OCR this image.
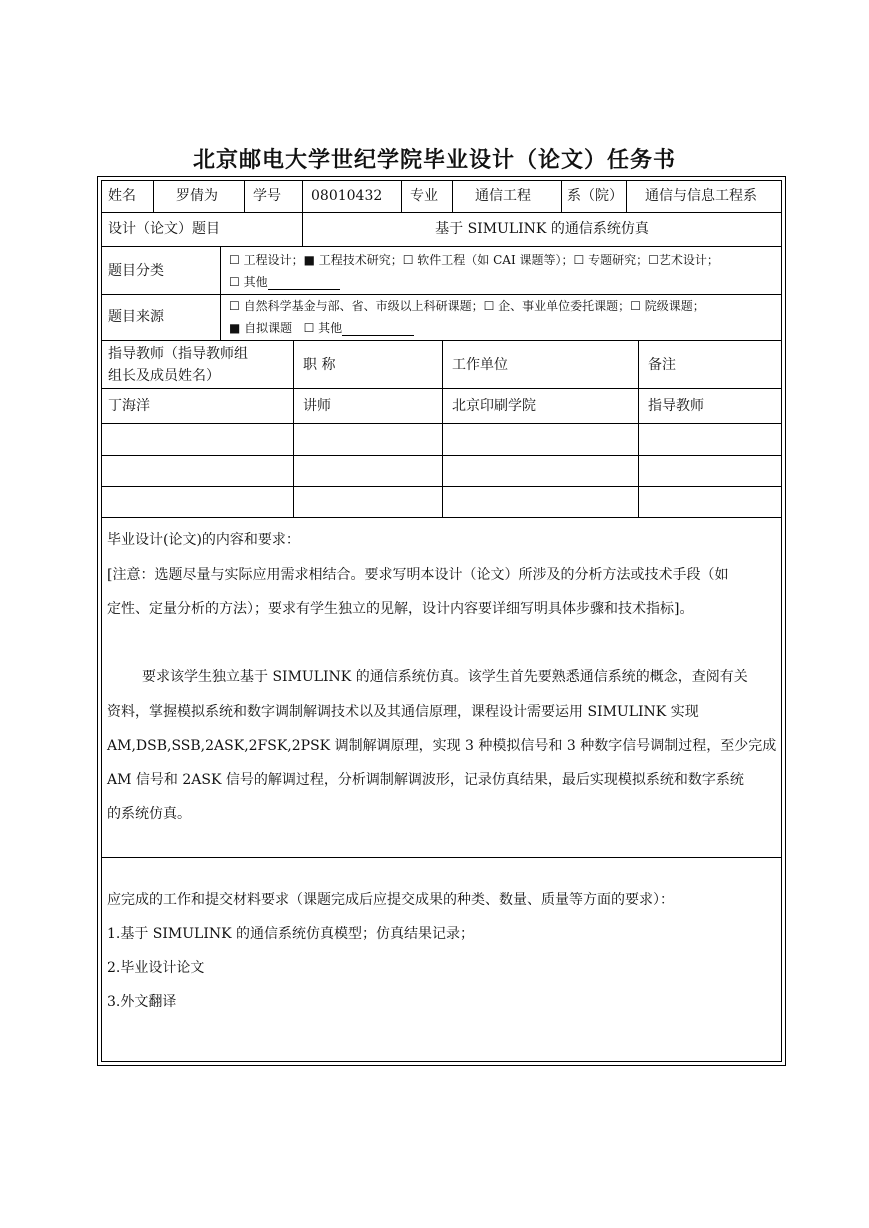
北京邮电大学世纪学院毕业设计（论文）任务书
姓名	罗倩为	学号 08010432 专业	通信工程	系（院） 通信与信息工程系
设计（论文）题目	基于 SIMULINK 的通信系统仿真
题目分类
☐ 工程设计；■ 工程技术研究；☐ 软件工程（如 CAI 课题等）；☐ 专题研究；☐艺术设计；
☐ 其他
题目来源
☐ 自然科学基金与部、省、市级以上科研课题；☐ 企、事业单位委托课题；☐ 院级课题；
■ 自拟课题 ☐ 其他
指导教师（指导教师组
组长及成员姓名）
职 称	工作单位	备注
丁海洋	讲师	北京印刷学院	指导教师
毕业设计(论文)的内容和要求：
[注意：选题尽量与实际应用需求相结合。要求写明本设计（论文）所涉及的分析方法或技术手段（如
定性、定量分析的方法）；要求有学生独立的见解，设计内容要详细写明具体步骤和技术指标]。
要求该学生独立基于 SIMULINK 的通信系统仿真。该学生首先要熟悉通信系统的概念，查阅有关
资料，掌握模拟系统和数字调制解调技术以及其通信原理，课程设计需要运用 SIMULINK 实现
AM,DSB,SSB,2ASK,2FSK,2PSK 调制解调原理，实现 3 种模拟信号和 3 种数字信号调制过程，至少完成
AM 信号和 2ASK 信号的解调过程，分析调制解调波形，记录仿真结果，最后实现模拟系统和数字系统
的系统仿真。
应完成的工作和提交材料要求（课题完成后应提交成果的种类、数量、质量等方面的要求）：
1.基于 SIMULINK 的通信系统仿真模型；仿真结果记录；
2.毕业设计论文
3.外文翻译
